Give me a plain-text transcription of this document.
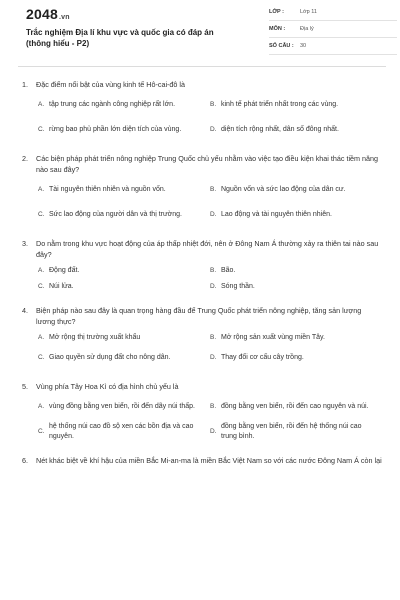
2048.vn
Trắc nghiệm Địa lí khu vực và quốc gia có đáp án (thông hiểu - P2)
LỚP :	Lớp 11
MÔN :	Địa lý
SỐ CÂU :	30
1.	Đặc điểm nổi bật của vùng kinh tế Hô-cai-đô là
A. tập trung các ngành công nghiệp rất lớn.	B. kinh tế phát triển nhất trong các vùng.
C. rừng bao phủ phần lớn diện tích của vùng.	D. diện tích rộng nhất, dân số đông nhất.
2.	Các biện pháp phát triển nông nghiệp Trung Quốc chủ yếu nhằm vào việc tạo điều kiện khai thác tiềm năng nào sau đây?
A. Tài nguyên thiên nhiên và nguồn vốn.	B. Nguồn vốn và sức lao động của dân cư.
C. Sức lao động của người dân và thị trường.	D. Lao động và tài nguyên thiên nhiên.
3.	Do nằm trong khu vực hoạt động của áp thấp nhiệt đới, nên ở Đông Nam Á thường xảy ra thiên tai nào sau đây?
A. Động đất.	B. Bão.
C. Núi lửa.	D. Sóng thần.
4.	Biện pháp nào sau đây là quan trọng hàng đầu để Trung Quốc phát triển nông nghiệp, tăng sản lượng lương thực?
A. Mở rộng thị trường xuất khẩu	B. Mở rộng sản xuất vùng miền Tây.
C. Giao quyền sử dụng đất cho nông dân.	D. Thay đổi cơ cấu cây trồng.
5.	Vùng phía Tây Hoa Kì có địa hình chủ yếu là
A. vùng đồng bằng ven biển, rồi đến dãy núi thấp.	B. đồng bằng ven biển, rồi đến cao nguyên và núi.
C.
hệ thống núi cao đồ sộ xen các bồn địa và cao nguyên.
D.
đồng bằng ven biển, rồi đến hệ thống núi cao trung bình.
6.	Nét khác biệt về khí hậu của miền Bắc Mi-an-ma là miền Bắc Việt Nam so với các nước Đông Nam Á còn lại
